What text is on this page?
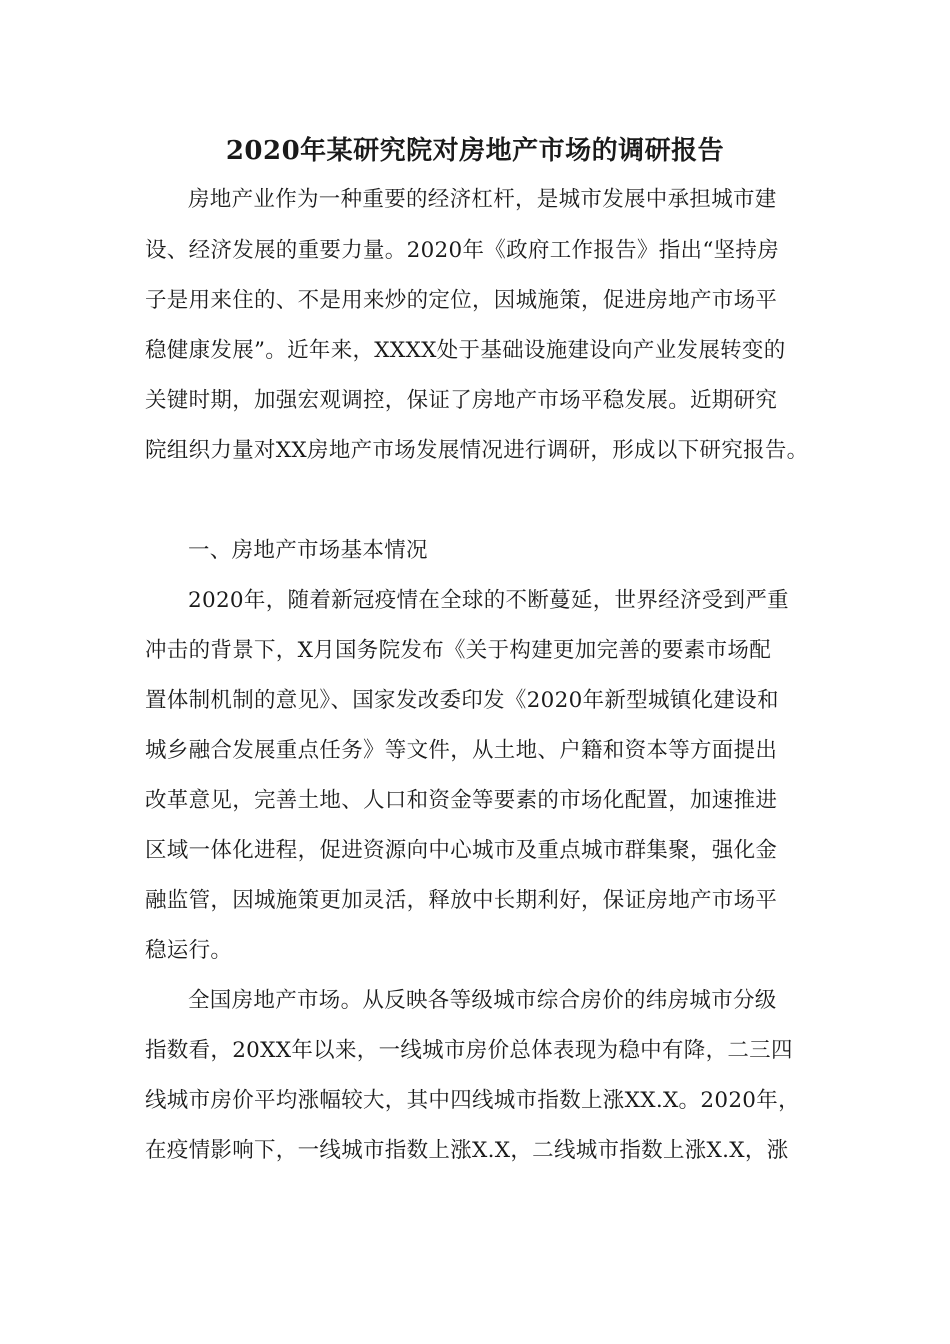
2020年某研究院对房地产市场的调研报告
房地产业作为一种重要的经济杠杆，是城市发展中承担城市建
设、经济发展的重要力量。2020年《政府工作报告》指出“坚持房
子是用来住的、不是用来炒的定位，因城施策，促进房地产市场平
稳健康发展”。近年来，XXXX处于基础设施建设向产业发展转变的
关键时期，加强宏观调控，保证了房地产市场平稳发展。近期研究
院组织力量对XX房地产市场发展情况进行调研，形成以下研究报告。
一、房地产市场基本情况
2020年，随着新冠疫情在全球的不断蔓延，世界经济受到严重
冲击的背景下，X月国务院发布《关于构建更加完善的要素市场配
置体制机制的意见》、国家发改委印发《2020年新型城镇化建设和
城乡融合发展重点任务》等文件，从土地、户籍和资本等方面提出
改革意见，完善土地、人口和资金等要素的市场化配置，加速推进
区域一体化进程，促进资源向中心城市及重点城市群集聚，强化金
融监管，因城施策更加灵活，释放中长期利好，保证房地产市场平
稳运行。
全国房地产市场。从反映各等级城市综合房价的纬房城市分级
指数看，20XX年以来，一线城市房价总体表现为稳中有降，二三四
线城市房价平均涨幅较大，其中四线城市指数上涨XX.X。2020年，
在疫情影响下，一线城市指数上涨X.X，二线城市指数上涨X.X，涨
